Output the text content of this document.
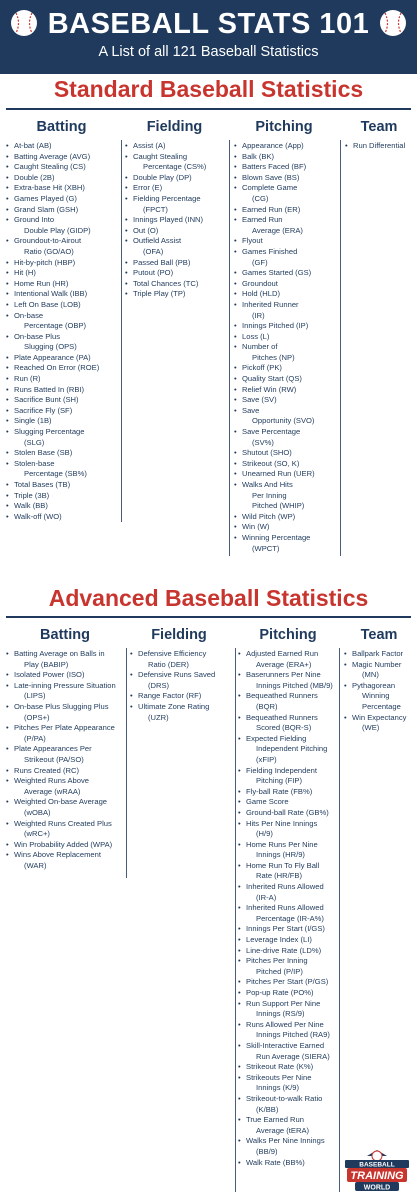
BASEBALL STATS 101
A List of all 121 Baseball Statistics
Standard Baseball Statistics
Batting
• At-bat (AB)
• Batting Average (AVG)
• Caught Stealing (CS)
• Double (2B)
• Extra-base Hit (XBH)
• Games Played (G)
• Grand Slam (GSH)
• Ground Into
Double Play (GIDP)
• Groundout-to-Airout
Ratio (GO/AO)
• Hit-by-pitch (HBP)
• Hit (H)
• Home Run (HR)
• Intentional Walk (IBB)
• Left On Base (LOB)
• On-base
Percentage (OBP)
• On-base Plus
Slugging (OPS)
• Plate Appearance (PA)
• Reached On Error (ROE)
• Run (R)
• Runs Batted In (RBI)
• Sacrifice Bunt (SH)
• Sacrifice Fly (SF)
• Single (1B)
• Slugging Percentage
(SLG)
• Stolen Base (SB)
• Stolen-base
Percentage (SB%)
• Total Bases (TB)
• Triple (3B)
• Walk (BB)
• Walk-off (WO)
Fielding
• Assist (A)
• Caught Stealing
Percentage (CS%)
• Double Play (DP)
• Error (E)
• Fielding Percentage
(FPCT)
• Innings Played (INN)
• Out (O)
• Outfield Assist
(OFA)
• Passed Ball (PB)
• Putout (PO)
• Total Chances (TC)
• Triple Play (TP)
Pitching
• Appearance (App)
• Balk (BK)
• Batters Faced (BF)
• Blown Save (BS)
• Complete Game
(CG)
• Earned Run (ER)
• Earned Run
Average (ERA)
• Flyout
• Games Finished
(GF)
• Games Started (GS)
• Groundout
• Hold (HLD)
• Inherited Runner
(IR)
• Innings Pitched (IP)
• Loss (L)
• Number of
Pitches (NP)
• Pickoff (PK)
• Quality Start (QS)
• Relief Win (RW)
• Save (SV)
• Save
Opportunity (SVO)
• Save Percentage
(SV%)
• Shutout (SHO)
• Strikeout (SO, K)
• Unearned Run (UER)
• Walks And Hits
Per Inning
Pitched (WHIP)
• Wild Pitch (WP)
• Win (W)
• Winning Percentage
(WPCT)
Team
• Run Differential
Advanced Baseball Statistics
Batting
• Batting Average on Balls in
Play (BABIP)
• Isolated Power (ISO)
• Late-inning Pressure Situation
(LIPS)
• On-base Plus Slugging Plus
(OPS+)
• Pitches Per Plate Appearance
(P/PA)
• Plate Appearances Per
Strikeout (PA/SO)
• Runs Created (RC)
• Weighted Runs Above
Average (wRAA)
• Weighted On-base Average
(wOBA)
• Weighted Runs Created Plus
(wRC+)
• Win Probability Added (WPA)
• Wins Above Replacement
(WAR)
Fielding
• Defensive Efficiency
Ratio (DER)
• Defensive Runs Saved
(DRS)
• Range Factor (RF)
• Ultimate Zone Rating
(UZR)
Pitching
• Adjusted Earned Run
Average (ERA+)
• Baserunners Per Nine
Innings Pitched (MB/9)
• Bequeathed Runners
(BQR)
• Bequeathed Runners
Scored (BQR-S)
• Expected Fielding
Independent Pitching
(xFIP)
• Fielding Independent
Pitching (FIP)
• Fly-ball Rate (FB%)
• Game Score
• Ground-ball Rate (GB%)
• Hits Per Nine Innings
(H/9)
• Home Runs Per Nine
Innings (HR/9)
• Home Run To Fly Ball
Rate (HR/FB)
• Inherited Runs Allowed
(IR-A)
• Inherited Runs Allowed
Percentage (IR-A%)
• Innings Per Start (I/GS)
• Leverage Index (LI)
• Line-drive Rate (LD%)
• Pitches Per Inning
Pitched (P/IP)
• Pitches Per Start (P/GS)
• Pop-up Rate (PO%)
• Run Support Per Nine
Innings (RS/9)
• Runs Allowed Per Nine
Innings Pitched (RA9)
• Skill-Interactive Earned
Run Average (SIERA)
• Strikeout Rate (K%)
• Strikeouts Per Nine
Innings (K/9)
• Strikeout-to-walk Ratio
(K/BB)
• True Earned Run
Average (tERA)
• Walks Per Nine Innings
(BB/9)
• Walk Rate (BB%)
Team
• Ballpark Factor
• Magic Number
(MN)
• Pythagorean
Winning
Percentage
• Win Expectancy
(WE)
BASEBALL
TRAINING
WORLD
